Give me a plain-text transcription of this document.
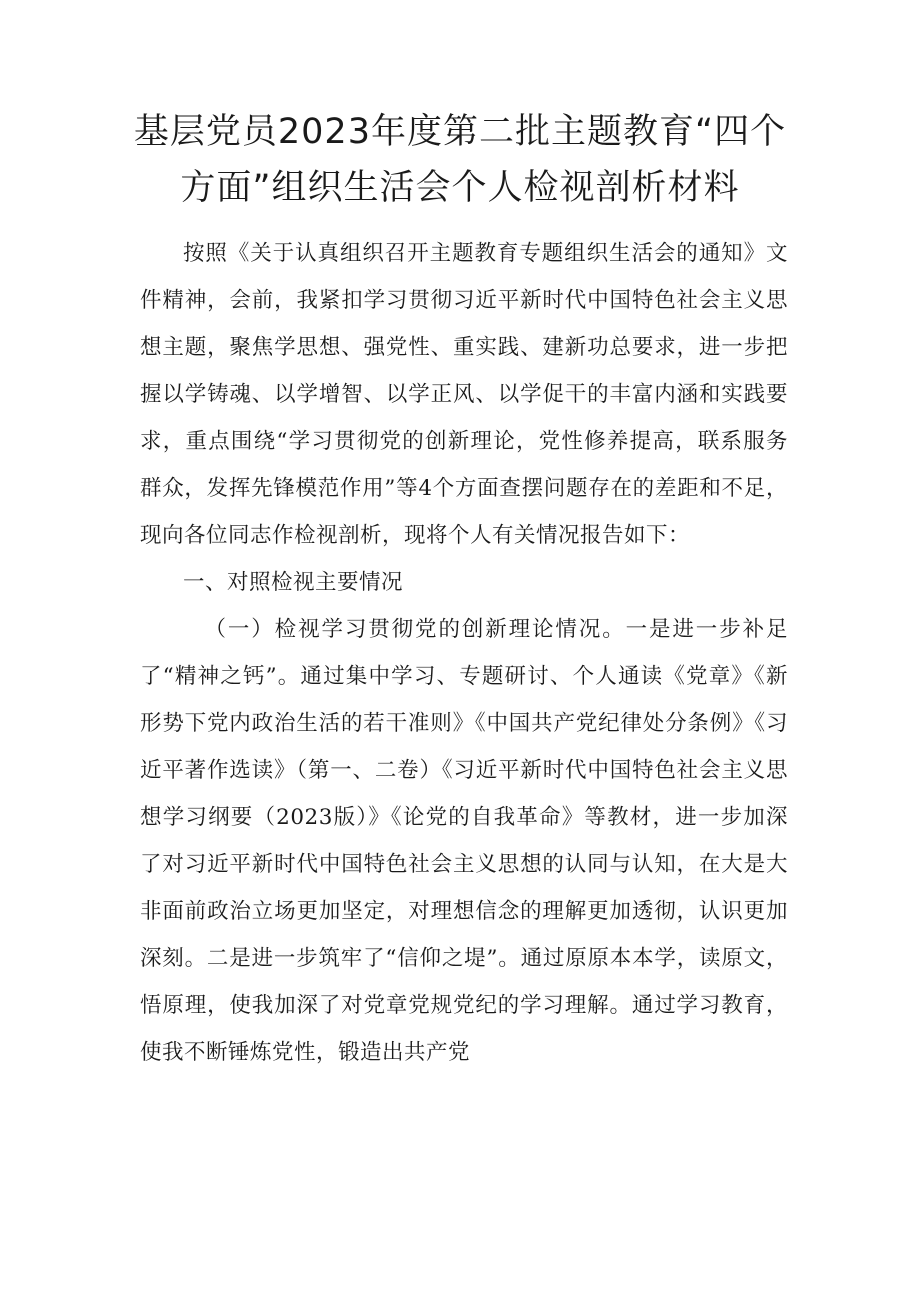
基层党员2023年度第二批主题教育“四个
方面”组织生活会个人检视剖析材料

按照《关于认真组织召开主题教育专题组织生活会的通知》文件精神，会前，我紧扣学习贯彻习近平新时代中国特色社会主义思想主题，聚焦学思想、强党性、重实践、建新功总要求，进一步把握以学铸魂、以学增智、以学正风、以学促干的丰富内涵和实践要求，重点围绕“学习贯彻党的创新理论，党性修养提高，联系服务群众，发挥先锋模范作用”等4个方面查摆问题存在的差距和不足，现向各位同志作检视剖析，现将个人有关情况报告如下：

一、对照检视主要情况

（一）检视学习贯彻党的创新理论情况。一是进一步补足了“精神之钙”。通过集中学习、专题研讨、个人通读《党章》《新形势下党内政治生活的若干准则》《中国共产党纪律处分条例》《习近平著作选读》（第一、二卷）《习近平新时代中国特色社会主义思想学习纲要（2023版）》《论党的自我革命》等教材，进一步加深了对习近平新时代中国特色社会主义思想的认同与认知，在大是大非面前政治立场更加坚定，对理想信念的理解更加透彻，认识更加深刻。二是进一步筑牢了“信仰之堤”。通过原原本本学，读原文，悟原理，使我加深了对党章党规党纪的学习理解。通过学习教育，使我不断锤炼党性，锻造出共产党
